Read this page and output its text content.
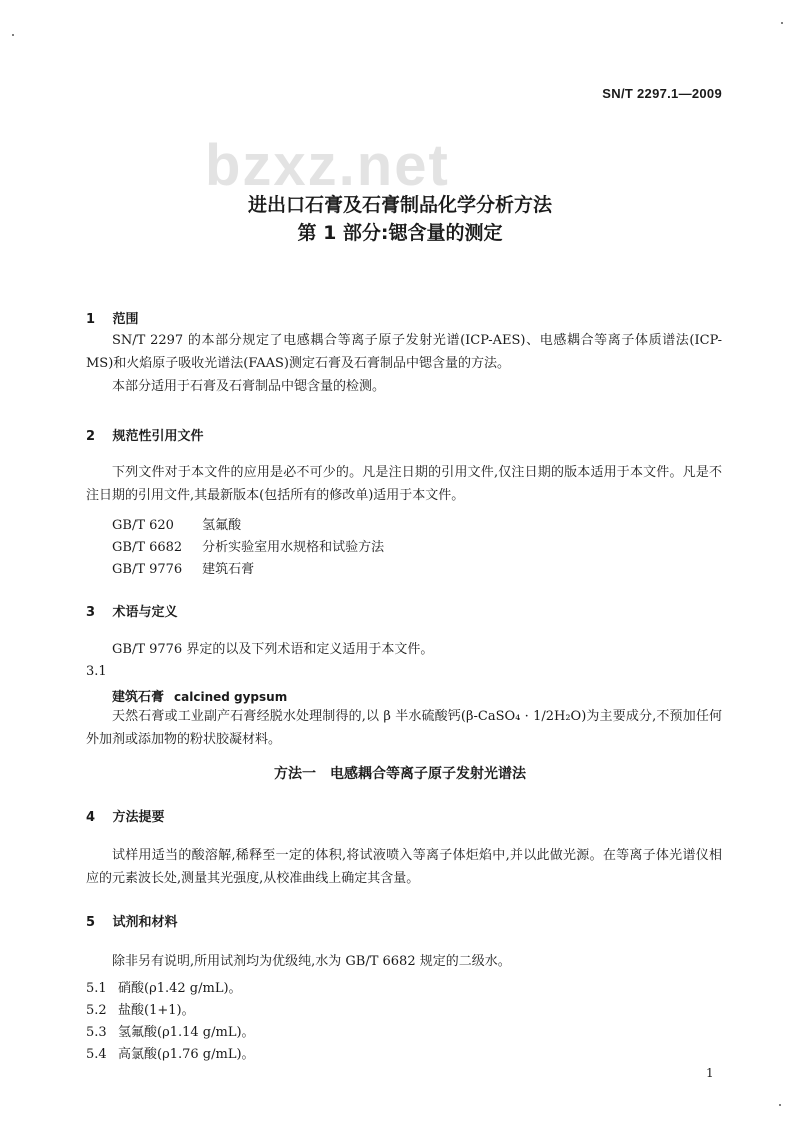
bzxz.net
SN/T 2297.1—2009
进出口石膏及石膏制品化学分析方法
第 1 部分:锶含量的测定
1 范围
SN/T 2297 的本部分规定了电感耦合等离子原子发射光谱(ICP-AES)、电感耦合等离子体质谱法(ICP-MS)和火焰原子吸收光谱法(FAAS)测定石膏及石膏制品中锶含量的方法。
本部分适用于石膏及石膏制品中锶含量的检测。
2 规范性引用文件
下列文件对于本文件的应用是必不可少的。凡是注日期的引用文件,仅注日期的版本适用于本文件。凡是不注日期的引用文件,其最新版本(包括所有的修改单)适用于本文件。
GB/T 620 氢氟酸
GB/T 6682 分析实验室用水规格和试验方法
GB/T 9776 建筑石膏
3 术语与定义
GB/T 9776 界定的以及下列术语和定义适用于本文件。
3.1
建筑石膏 calcined gypsum
天然石膏或工业副产石膏经脱水处理制得的,以 β 半水硫酸钙(β-CaSO₄ · 1/2H₂O)为主要成分,不预加任何外加剂或添加物的粉状胶凝材料。
方法一　电感耦合等离子原子发射光谱法
4 方法提要
试样用适当的酸溶解,稀释至一定的体积,将试液喷入等离子体炬焰中,并以此做光源。在等离子体光谱仪相应的元素波长处,测量其光强度,从校准曲线上确定其含量。
5 试剂和材料
除非另有说明,所用试剂均为优级纯,水为 GB/T 6682 规定的二级水。
5.1 硝酸(ρ1.42 g/mL)。
5.2 盐酸(1+1)。
5.3 氢氟酸(ρ1.14 g/mL)。
5.4 高氯酸(ρ1.76 g/mL)。
1
